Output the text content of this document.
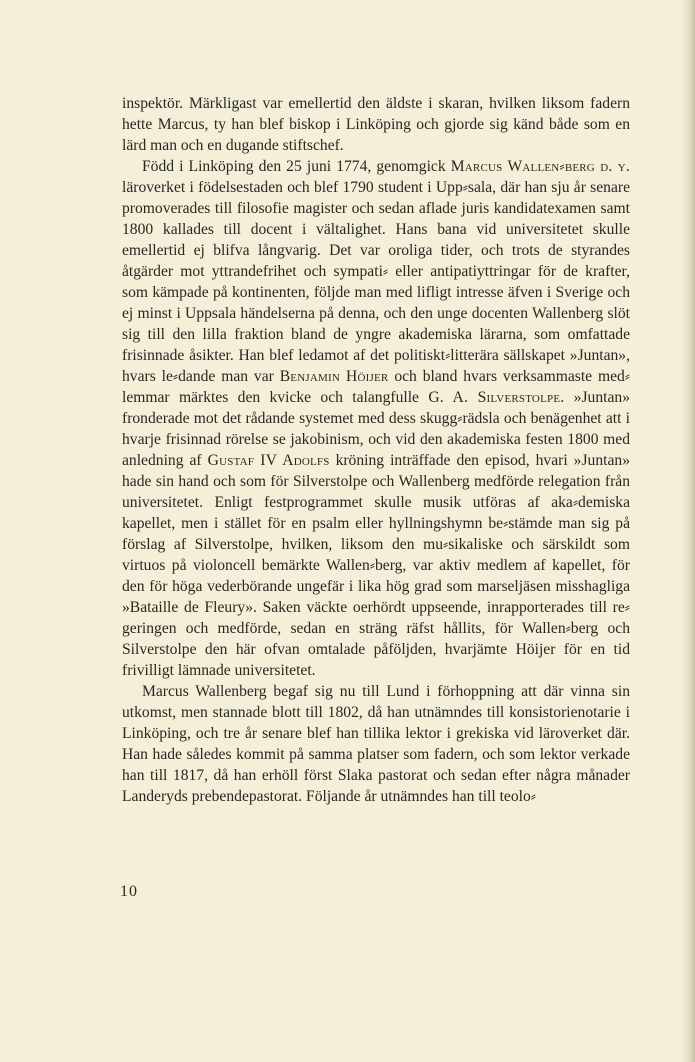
inspektör. Märkligast var emellertid den äldste i skaran, hvilken liksom fadern hette Marcus, ty han blef biskop i Linköping och gjorde sig känd både som en lärd man och en dugande stiftschef.

Född i Linköping den 25 juni 1774, genomgick Marcus Wallen⸗berg d. y. läroverket i födelsestaden och blef 1790 student i Upp⸗sala, där han sju år senare promoverades till filosofie magister och sedan aflade juris kandidatexamen samt 1800 kallades till docent i vältalighet. Hans bana vid universitetet skulle emellertid ej blifva långvarig. Det var oroliga tider, och trots de styrandes åtgärder mot yttrandefrihet och sympati⸗ eller antipatiyttringar för de krafter, som kämpade på kontinenten, följde man med lifligt intresse äfven i Sverige och ej minst i Uppsala händelserna på denna, och den unge docenten Wallenberg slöt sig till den lilla fraktion bland de yngre akademiska lärarna, som omfattade frisinnade åsikter. Han blef ledamot af det politiskt⸗litterära sällskapet »Juntan», hvars le⸗dande man var Benjamin Höijer och bland hvars verksammaste med⸗lemmar märktes den kvicke och talangfulle G. A. Silverstolpe. »Juntan» fronderade mot det rådande systemet med dess skugg⸗rädsla och benägenhet att i hvarje frisinnad rörelse se jakobinism, och vid den akademiska festen 1800 med anledning af Gustaf IV Adolfs kröning inträffade den episod, hvari »Juntan» hade sin hand och som för Silverstolpe och Wallenberg medförde relegation från universitetet. Enligt festprogrammet skulle musik utföras af aka⸗demiska kapellet, men i stället för en psalm eller hyllningshymn be⸗stämde man sig på förslag af Silverstolpe, hvilken, liksom den mu⸗sikaliske och särskildt som virtuos på violoncell bemärkte Wallen⸗berg, var aktiv medlem af kapellet, för den för höga vederbörande ungefär i lika hög grad som marseljäsen misshagliga »Bataille de Fleury». Saken väckte oerhördt uppseende, inrapporterades till re⸗geringen och medförde, sedan en sträng räfst hållits, för Wallen⸗berg och Silverstolpe den här ofvan omtalade påföljden, hvarjämte Höijer för en tid frivilligt lämnade universitetet.

Marcus Wallenberg begaf sig nu till Lund i förhoppning att där vinna sin utkomst, men stannade blott till 1802, då han utnämndes till konsistorienotarie i Linköping, och tre år senare blef han tillika lektor i grekiska vid läroverket där. Han hade således kommit på samma platser som fadern, och som lektor verkade han till 1817, då han erhöll först Slaka pastorat och sedan efter några månader Landeryds prebendepastorat. Följande år utnämndes han till teolo⸗

10
